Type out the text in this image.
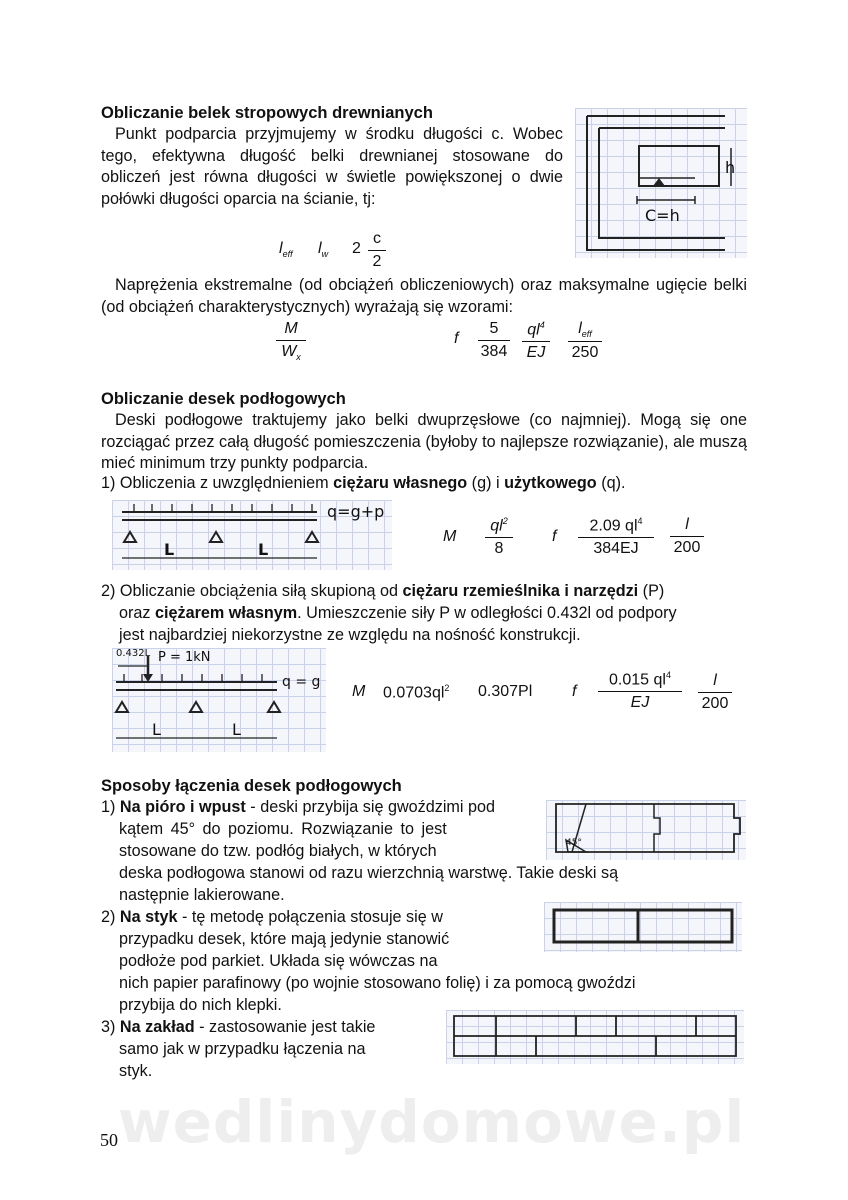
Obliczanie belek stropowych drewnianych
Punkt podparcia przyjmujemy w środku długości c. Wobec tego, efektywna długość belki drewnianej stosowane do obliczeń jest równa długości w świetle powiększonej o dwie połówki długości oparcia na ścianie, tj:
h
C=h
$l_{eff}$ $l_w$ 2
c
2
Naprężenia ekstremalne (od obciążeń obliczeniowych) oraz maksymalne ugięcie belki (od obciążeń charakterystycznych) wyrażają się wzorami:
M
$W_x$
f
5
384
$ql^4$
EJ
$l_{eff}$
250
Obliczanie desek podłogowych
Deski podłogowe traktujemy jako belki dwuprzęsłowe (co najmniej). Mogą się one rozciągać przez całą długość pomieszczenia (byłoby to najlepsze rozwiązanie), ale muszą mieć minimum trzy punkty podparcia.
1) Obliczenia z uwzględnieniem ciężaru własnego (g) i użytkowego (q).
q=g+p
L	L
M
$ql^2$
8
f
2.09 $ql^4$
384EJ
l
200
2) Obliczanie obciążenia siłą skupioną od ciężaru rzemieślnika i narzędzi (P)
oraz ciężarem własnym. Umieszczenie siły P w odległości 0.432l od podpory
jest najbardziej niekorzystne ze względu na nośność konstrukcji.
0.432L P = 1kN
q = g
L	L
M $0.0703ql^2$ 0.307Pl f
0.015 $ql^4$
EJ
l
200
Sposoby łączenia desek podłogowych
1) Na pióro i wpust - deski przybija się gwoździmi pod
kątem 45° do poziomu. Rozwiązanie to jest
stosowane do tzw. podłóg białych, w których
deska podłogowa stanowi od razu wierzchnią warstwę. Takie deski są
następnie lakierowane.
45°
2) Na styk - tę metodę połączenia stosuje się w
przypadku desek, które mają jedynie stanowić
podłoże pod parkiet. Układa się wówczas na
nich papier parafinowy (po wojnie stosowano folię) i za pomocą gwoździ
przybija do nich klepki.
3) Na zakład - zastosowanie jest takie
samo jak w przypadku łączenia na
styk.
wedlinydomowe.pl
50
